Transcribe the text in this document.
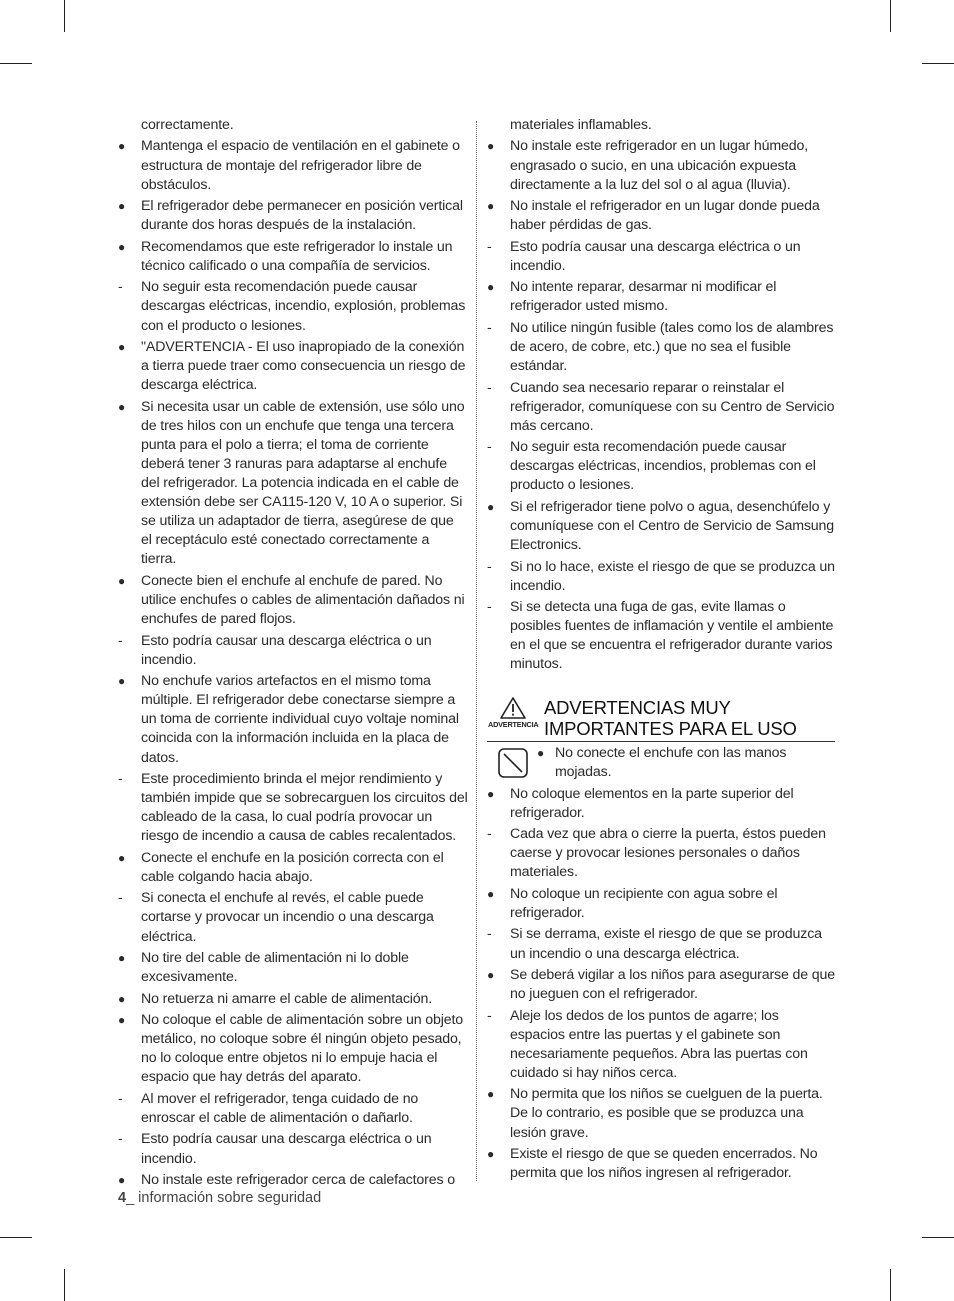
correctamente.
●	Mantenga el espacio de ventilación en el gabinete o estructura de montaje del refrigerador libre de obstáculos.
●	El refrigerador debe permanecer en posición vertical durante dos horas después de la instalación.
●	Recomendamos que este refrigerador lo instale un técnico calificado o una compañía de servicios.
-	No seguir esta recomendación puede causar descargas eléctricas, incendio, explosión, problemas con el producto o lesiones.
●	"ADVERTENCIA - El uso inapropiado de la conexión a tierra puede traer como consecuencia un riesgo de descarga eléctrica.
●	Si necesita usar un cable de extensión, use sólo uno de tres hilos con un enchufe que tenga una tercera punta para el polo a tierra; el toma de corriente deberá tener 3 ranuras para adaptarse al enchufe del refrigerador. La potencia indicada en el cable de extensión debe ser CA115-120 V, 10 A o superior. Si se utiliza un adaptador de tierra, asegúrese de que el receptáculo esté conectado correctamente a tierra.
●	Conecte bien el enchufe al enchufe de pared. No utilice enchufes o cables de alimentación dañados ni enchufes de pared flojos.
-	Esto podría causar una descarga eléctrica o un incendio.
●	No enchufe varios artefactos en el mismo toma múltiple. El refrigerador debe conectarse siempre a un toma de corriente individual cuyo voltaje nominal coincida con la información incluida en la placa de datos.
-	Este procedimiento brinda el mejor rendimiento y también impide que se sobrecarguen los circuitos del cableado de la casa, lo cual podría provocar un riesgo de incendio a causa de cables recalentados.
●	Conecte el enchufe en la posición correcta con el cable colgando hacia abajo.
-	Si conecta el enchufe al revés, el cable puede cortarse y provocar un incendio o una descarga eléctrica.
●	No tire del cable de alimentación ni lo doble excesivamente.
●	No retuerza ni amarre el cable de alimentación.
●	No coloque el cable de alimentación sobre un objeto metálico, no coloque sobre él ningún objeto pesado, no lo coloque entre objetos ni lo empuje hacia el espacio que hay detrás del aparato.
-	Al mover el refrigerador, tenga cuidado de no enroscar el cable de alimentación o dañarlo.
-	Esto podría causar una descarga eléctrica o un incendio.
●	No instale este refrigerador cerca de calefactores o
materiales inflamables.
●	No instale este refrigerador en un lugar húmedo, engrasado o sucio, en una ubicación expuesta directamente a la luz del sol o al agua (lluvia).
●	No instale el refrigerador en un lugar donde pueda haber pérdidas de gas.
-	Esto podría causar una descarga eléctrica o un incendio.
●	No intente reparar, desarmar ni modificar el refrigerador usted mismo.
-	No utilice ningún fusible (tales como los de alambres de acero, de cobre, etc.) que no sea el fusible estándar.
-	Cuando sea necesario reparar o reinstalar el refrigerador, comuníquese con su Centro de Servicio más cercano.
-	No seguir esta recomendación puede causar descargas eléctricas, incendios, problemas con el producto o lesiones.
●	Si el refrigerador tiene polvo o agua, desenchúfelo y comuníquese con el Centro de Servicio de Samsung Electronics.
-	Si no lo hace, existe el riesgo de que se produzca un incendio.
-	Si se detecta una fuga de gas, evite llamas o posibles fuentes de inflamación y ventile el ambiente en el que se encuentra el refrigerador durante varios minutos.
ADVERTENCIA
ADVERTENCIAS MUY
IMPORTANTES PARA EL USO
● No conecte el enchufe con las manos mojadas.
●	No coloque elementos en la parte superior del refrigerador.
-	Cada vez que abra o cierre la puerta, éstos pueden caerse y provocar lesiones personales o daños materiales.
●	No coloque un recipiente con agua sobre el refrigerador.
-	Si se derrama, existe el riesgo de que se produzca un incendio o una descarga eléctrica.
●	Se deberá vigilar a los niños para asegurarse de que no jueguen con el refrigerador.
-	Aleje los dedos de los puntos de agarre; los espacios entre las puertas y el gabinete son necesariamente pequeños. Abra las puertas con cuidado si hay niños cerca.
●	No permita que los niños se cuelguen de la puerta. De lo contrario, es posible que se produzca una lesión grave.
●	Existe el riesgo de que se queden encerrados. No permita que los niños ingresen al refrigerador.
4_ información sobre seguridad
